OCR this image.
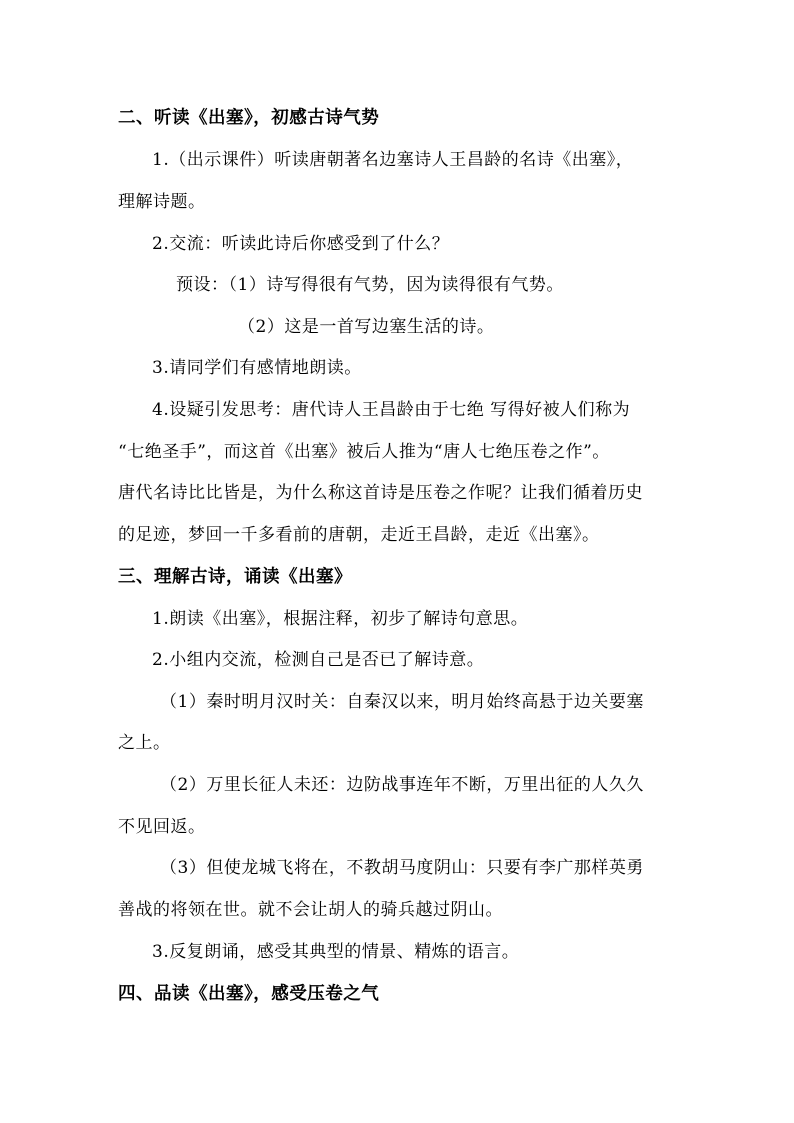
二、听读《出塞》，初感古诗气势
1.（出示课件）听读唐朝著名边塞诗人王昌龄的名诗《出塞》，
理解诗题。
2.交流：听读此诗后你感受到了什么？
预设：（1）诗写得很有气势，因为读得很有气势。
（2）这是一首写边塞生活的诗。
3.请同学们有感情地朗读。
4.设疑引发思考：唐代诗人王昌龄由于七绝 写得好被人们称为
“七绝圣手”，而这首《出塞》被后人推为“唐人七绝压卷之作”。
唐代名诗比比皆是，为什么称这首诗是压卷之作呢？让我们循着历史
的足迹，梦回一千多看前的唐朝，走近王昌龄，走近《出塞》。
三、理解古诗，诵读《出塞》
1.朗读《出塞》，根据注释，初步了解诗句意思。
2.小组内交流，检测自己是否已了解诗意。
（1）秦时明月汉时关：自秦汉以来，明月始终高悬于边关要塞
之上。
（2）万里长征人未还：边防战事连年不断，万里出征的人久久
不见回返。
（3）但使龙城飞将在，不教胡马度阴山：只要有李广那样英勇
善战的将领在世。就不会让胡人的骑兵越过阴山。
3.反复朗诵，感受其典型的情景、精炼的语言。
四、品读《出塞》，感受压卷之气
